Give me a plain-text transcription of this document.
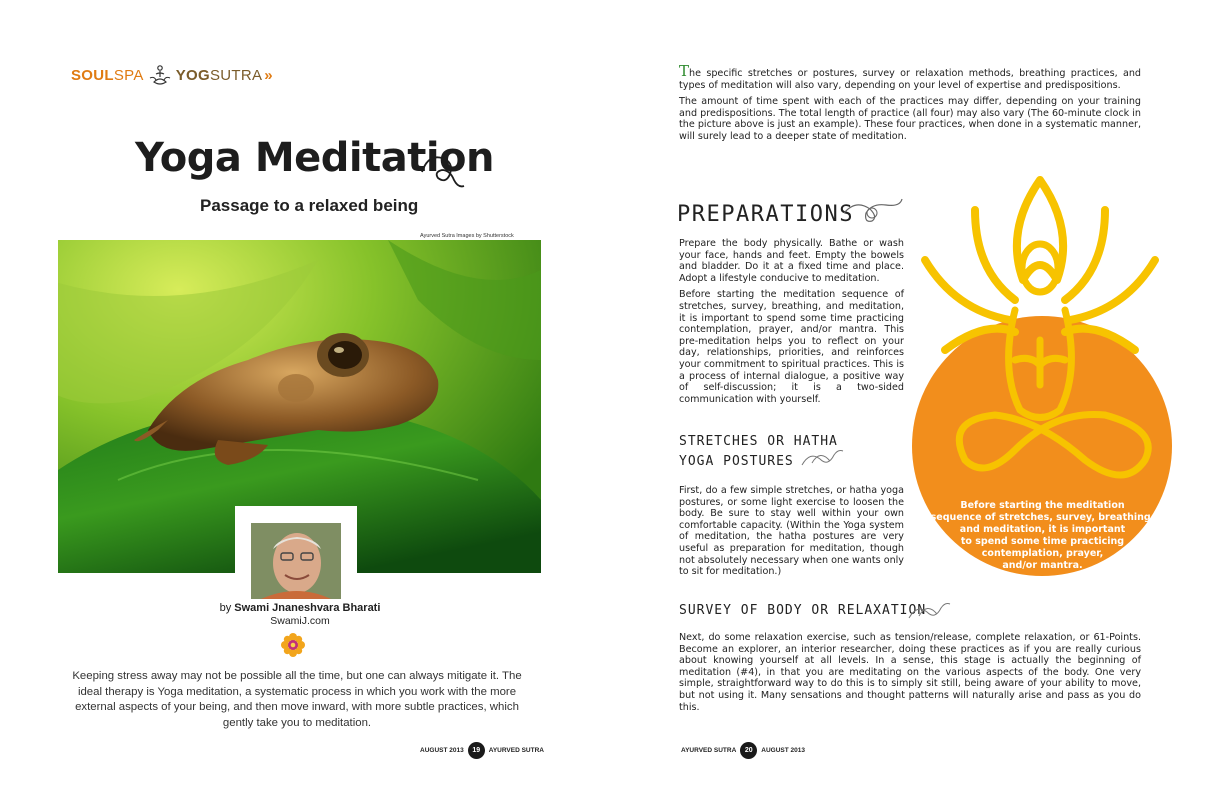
SOUL SPA YOG SUTRA »
Yoga Meditation
Passage to a relaxed being
Ayurved Sutra Images by Shutterstock
by Swami Jnaneshvara Bharati
SwamiJ.com

Keeping stress away may not be possible all the time, but one can always mitigate it. The ideal therapy is Yoga meditation, a systematic process in which you work with the more external aspects of your being, and then move inward, with more subtle practices, which gently take you to meditation.

AUGUST 2013	19	AYURVED SUTRA

The specific stretches or postures, survey or relaxation methods, breathing practices, and types of meditation will also vary, depending on your level of expertise and predispositions.

The amount of time spent with each of the practices may differ, depending on your training and predispositions. The total length of practice (all four) may also vary (The 60-minute clock in the picture above is just an example). These four practices, when done in a systematic manner, will surely lead to a deeper state of meditation.

PREPARATIONS

Prepare the body physically. Bathe or wash your face, hands and feet. Empty the bowels and bladder. Do it at a fixed time and place. Adopt a lifestyle conducive to meditation.

Before starting the meditation sequence of stretches, survey, breathing, and meditation, it is important to spend some time practicing contemplation, prayer, and/or mantra. This pre-meditation helps you to reflect on your day, relationships, priorities, and reinforces your commitment to spiritual practices. This is a process of internal dialogue, a positive way of self-discussion; it is a two-sided communication with yourself.

STRETCHES OR HATHA
YOGA POSTURES

First, do a few simple stretches, or hatha yoga postures, or some light exercise to loosen the body. Be sure to stay well within your own comfortable capacity. (Within the Yoga system of meditation, the hatha postures are very useful as preparation for meditation, though not absolutely necessary when one wants only to sit for meditation.)

Before starting the meditation
sequence of stretches, survey, breathing,
and meditation, it is important
to spend some time practicing
contemplation, prayer,
and/or mantra.
SURVEY OF BODY OR RELAXATION

Next, do some relaxation exercise, such as tension/release, complete relaxation, or 61-Points. Become an explorer, an interior researcher, doing these practices as if you are really curious about knowing yourself at all levels. In a sense, this stage is actually the beginning of meditation (#4), in that you are meditating on the various aspects of the body. One very simple, straightforward way to do this is to simply sit still, being aware of your ability to move, but not using it. Many sensations and thought patterns will naturally arise and pass as you do this.

AYURVED SUTRA	20	AUGUST 2013
